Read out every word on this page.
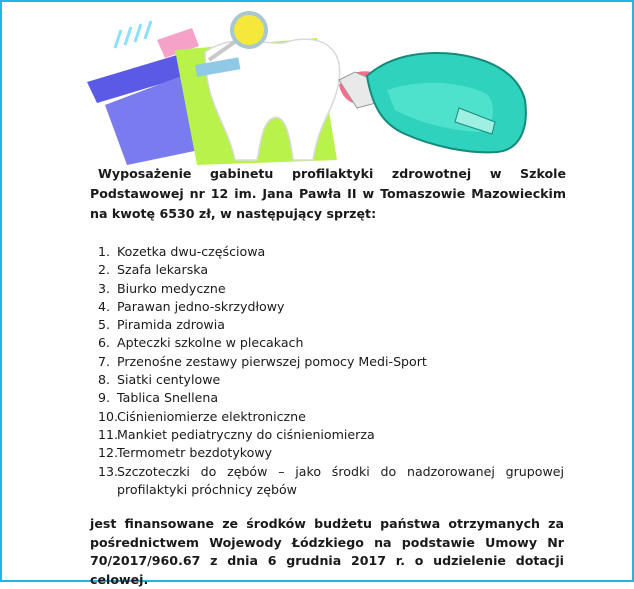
Wyposażenie gabinetu profilaktyki zdrowotnej w Szkole Podstawowej nr 12 im. Jana Pawła II w Tomaszowie Mazowieckim na kwotę 6530 zł, w następujący sprzęt:

1. Kozetka dwu-częściowa
2. Szafa lekarska
3. Biurko medyczne
4. Parawan jedno-skrzydłowy
5. Piramida zdrowia
6. Apteczki szkolne w plecakach
7. Przenośne zestawy pierwszej pomocy Medi-Sport
8. Siatki centylowe
9. Tablica Snellena
10.
Ciśnieniomierze elektroniczne
11.
Mankiet pediatryczny do ciśnieniomierza
12.
Termometr bezdotykowy
13.
Szczoteczki do zębów – jako środki do nadzorowanej grupowej profilaktyki próchnicy zębów

jest finansowane ze środków budżetu państwa otrzymanych za pośrednictwem Wojewody Łódzkiego na podstawie Umowy Nr 70/2017/960.67 z dnia 6 grudnia 2017 r. o udzielenie dotacji celowej.
